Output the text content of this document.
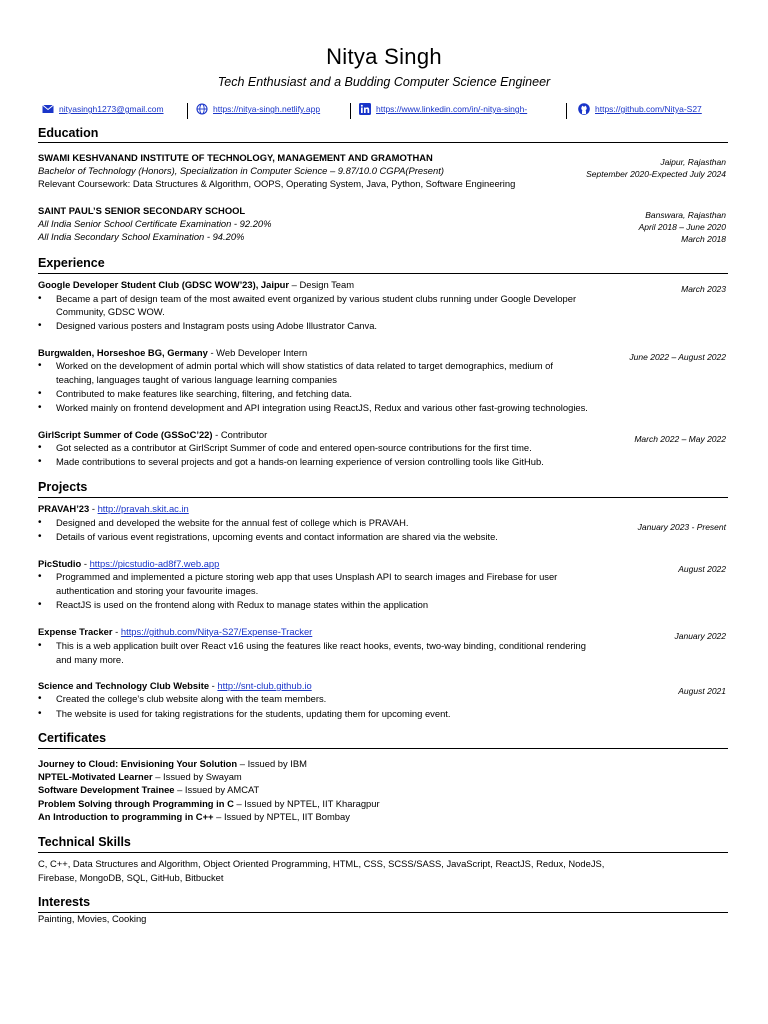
Nitya Singh
Tech Enthusiast and a Budding Computer Science Engineer
nityasingh1273@gmail.com	https://nitya-singh.netlify.app	https://www.linkedin.com/in/-nitya-singh-	https://github.com/Nitya-S27
Education
SWAMI KESHVANAND INSTITUTE OF TECHNOLOGY, MANAGEMENT AND GRAMOTHAN
Bachelor of Technology (Honors), Specialization in Computer Science – 9.87/10.0 CGPA(Present)
Relevant Coursework: Data Structures & Algorithm, OOPS, Operating System, Java, Python, Software Engineering
Jaipur, Rajasthan
September 2020-Expected July 2024
SAINT PAUL’S SENIOR SECONDARY SCHOOL
All India Senior School Certificate Examination - 92.20%
All India Secondary School Examination - 94.20%
Banswara, Rajasthan
April 2018 – June 2020
March 2018
Experience
Google Developer Student Club (GDSC WOW’23), Jaipur – Design Team	March 2023
• Became a part of design team of the most awaited event organized by various student clubs running under Google Developer
Community, GDSC WOW.
• Designed various posters and Instagram posts using Adobe Illustrator Canva.
Burgwalden, Horseshoe BG, Germany - Web Developer Intern	June 2022 – August 2022
• Worked on the development of admin portal which will show statistics of data related to target demographics, medium of
teaching, languages taught of various language learning companies
• Contributed to make features like searching, filtering, and fetching data.
• Worked mainly on frontend development and API integration using ReactJS, Redux and various other fast-growing technologies.
GirlScript Summer of Code (GSSoC’22) - Contributor	March 2022 – May 2022
• Got selected as a contributor at GirlScript Summer of code and entered open-source contributions for the first time.
• Made contributions to several projects and got a hands-on learning experience of version controlling tools like GitHub.
Projects
PRAVAH’23 - http://pravah.skit.ac.in
January 2023 - Present
• Designed and developed the website for the annual fest of college which is PRAVAH.
• Details of various event registrations, upcoming events and contact information are shared via the website.
PicStudio - https://picstudio-ad8f7.web.app	August 2022
• Programmed and implemented a picture storing web app that uses Unsplash API to search images and Firebase for user
authentication and storing your favourite images.
• ReactJS is used on the frontend along with Redux to manage states within the application
Expense Tracker - https://github.com/Nitya-S27/Expense-Tracker	January 2022
• This is a web application built over React v16 using the features like react hooks, events, two-way binding, conditional rendering
and many more.
Science and Technology Club Website - http://snt-club.github.io	August 2021
• Created the college’s club website along with the team members.
• The website is used for taking registrations for the students, updating them for upcoming event.
Certificates
Journey to Cloud: Envisioning Your Solution – Issued by IBM
NPTEL-Motivated Learner – Issued by Swayam
Software Development Trainee – Issued by AMCAT
Problem Solving through Programming in C – Issued by NPTEL, IIT Kharagpur
An Introduction to programming in C++ – Issued by NPTEL, IIT Bombay
Technical Skills
C, C++, Data Structures and Algorithm, Object Oriented Programming, HTML, CSS, SCSS/SASS, JavaScript, ReactJS, Redux, NodeJS,
Firebase, MongoDB, SQL, GitHub, Bitbucket
Interests
Painting, Movies, Cooking
